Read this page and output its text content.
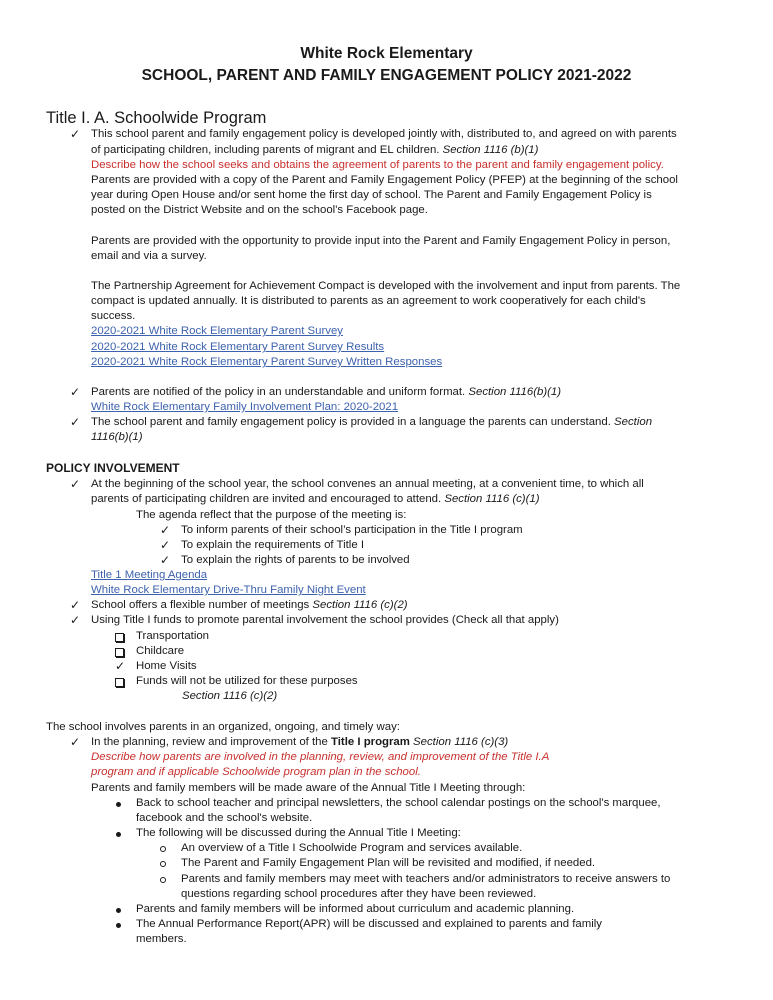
White Rock Elementary
SCHOOL, PARENT AND FAMILY ENGAGEMENT POLICY 2021-2022
Title I. A. Schoolwide Program
✓ This school parent and family engagement policy is developed jointly with, distributed to, and agreed on with parents
of participating children, including parents of migrant and EL children. Section 1116 (b)(1)
Describe how the school seeks and obtains the agreement of parents to the parent and family engagement policy.
Parents are provided with a copy of the Parent and Family Engagement Policy (PFEP) at the beginning of the school
year during Open House and/or sent home the first day of school. The Parent and Family Engagement Policy is
posted on the District Website and on the school's Facebook page.
Parents are provided with the opportunity to provide input into the Parent and Family Engagement Policy in person,
email and via a survey.
The Partnership Agreement for Achievement Compact is developed with the involvement and input from parents. The
compact is updated annually. It is distributed to parents as an agreement to work cooperatively for each child's
success.
2020-2021 White Rock Elementary Parent Survey
2020-2021 White Rock Elementary Parent Survey Results
2020-2021 White Rock Elementary Parent Survey Written Responses
✓ Parents are notified of the policy in an understandable and uniform format. Section 1116(b)(1)
White Rock Elementary Family Involvement Plan: 2020-2021
✓ The school parent and family engagement policy is provided in a language the parents can understand. Section
1116(b)(1)
POLICY INVOLVEMENT
✓ At the beginning of the school year, the school convenes an annual meeting, at a convenient time, to which all
parents of participating children are invited and encouraged to attend. Section 1116 (c)(1)
The agenda reflect that the purpose of the meeting is:
✓ To inform parents of their school’s participation in the Title I program
✓ To explain the requirements of Title I
✓ To explain the rights of parents to be involved
Title 1 Meeting Agenda
White Rock Elementary Drive-Thru Family Night Event
✓ School offers a flexible number of meetings Section 1116 (c)(2)
✓ Using Title I funds to promote parental involvement the school provides (Check all that apply)
Transportation
Childcare
✓ Home Visits
Funds will not be utilized for these purposes
Section 1116 (c)(2)
The school involves parents in an organized, ongoing, and timely way:
✓ In the planning, review and improvement of the Title I program Section 1116 (c)(3)
Describe how parents are involved in the planning, review, and improvement of the Title I.A
program and if applicable Schoolwide program plan in the school.
Parents and family members will be made aware of the Annual Title I Meeting through:
Back to school teacher and principal newsletters, the school calendar postings on the school's marquee,
facebook and the school's website.
The following will be discussed during the Annual Title I Meeting:
An overview of a Title I Schoolwide Program and services available.
The Parent and Family Engagement Plan will be revisited and modified, if needed.
Parents and family members may meet with teachers and/or administrators to receive answers to
questions regarding school procedures after they have been reviewed.
Parents and family members will be informed about curriculum and academic planning.
The Annual Performance Report(APR) will be discussed and explained to parents and family
members.
